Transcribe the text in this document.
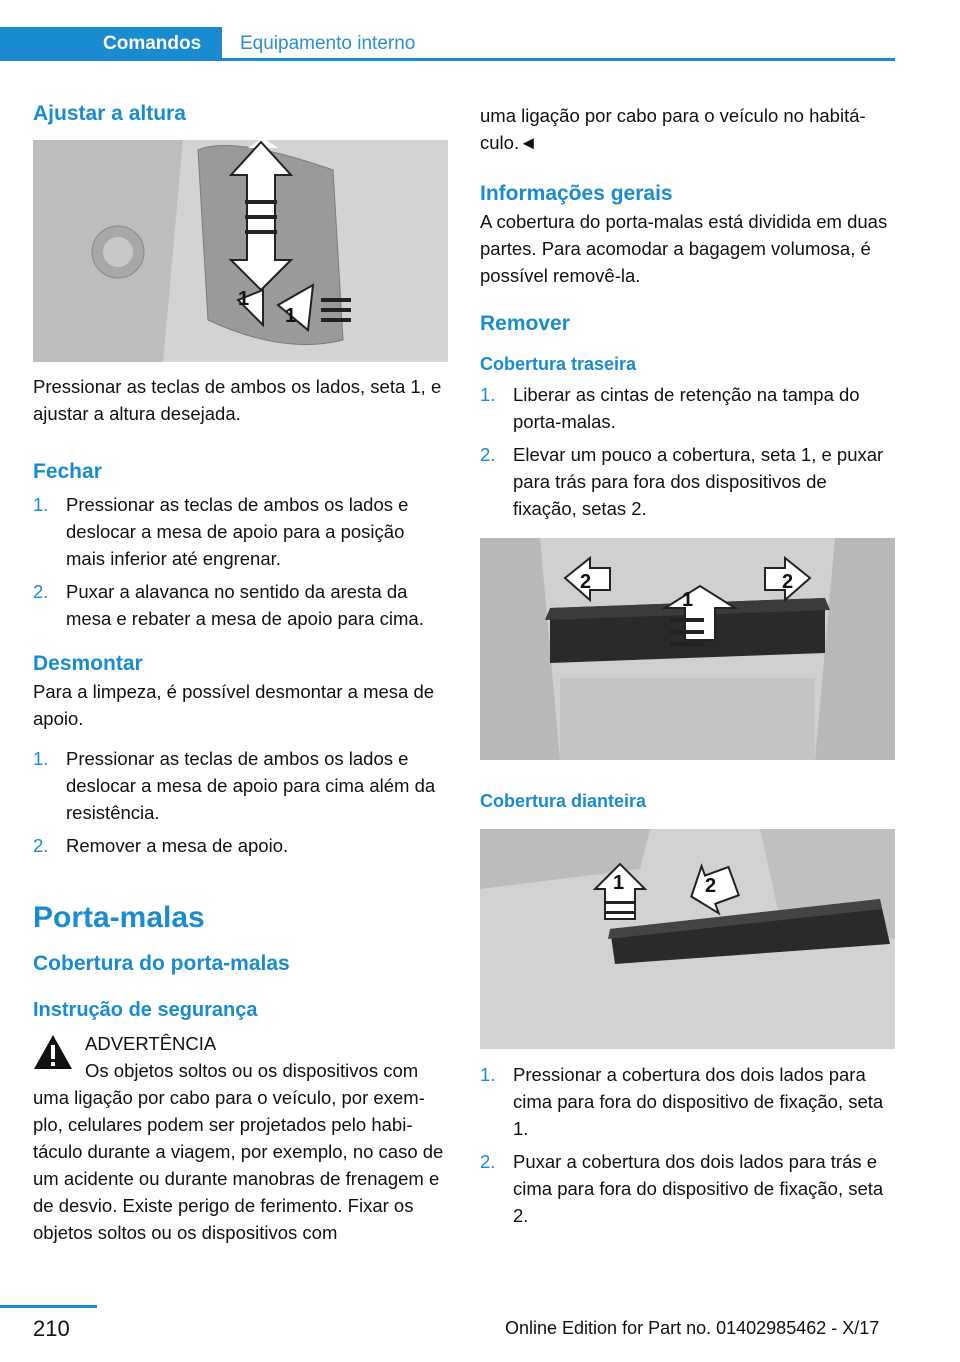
Comandos	Equipamento interno
Ajustar a altura
1
1

Pressionar as teclas de ambos os lados, seta 1, e ajustar a altura desejada.

Fechar
1. Pressionar as teclas de ambos os lados e deslocar a mesa de apoio para a posição mais inferior até engrenar.
2. Puxar a alavanca no sentido da aresta da mesa e rebater a mesa de apoio para cima.
Desmontar

Para a limpeza, é possível desmontar a mesa de apoio.

1. Pressionar as teclas de ambos os lados e deslocar a mesa de apoio para cima além da resistência.
2. Remover a mesa de apoio.
Porta-malas
Cobertura do porta-malas
Instrução de segurança

ADVERTÊNCIA

Os objetos soltos ou os dispositivos com uma ligação por cabo para o veículo, por exemplo, celulares podem ser projetados pelo habitáculo durante a viagem, por exemplo, no caso de um acidente ou durante manobras de frenagem e de desvio. Existe perigo de ferimento. Fixar os objetos soltos ou os dispositivos com

uma ligação por cabo para o veículo no habitáculo.◄

Informações gerais

A cobertura do porta-malas está dividida em duas partes. Para acomodar a bagagem volumosa, é possível removê-la.

Remover
Cobertura traseira
1. Liberar as cintas de retenção na tampa do porta-malas.
2. Elevar um pouco a cobertura, seta 1, e puxar para trás para fora dos dispositivos de fixação, setas 2.
2
1
2
Cobertura dianteira
1	2
1. Pressionar a cobertura dos dois lados para cima para fora do dispositivo de fixação, seta 1.
2. Puxar a cobertura dos dois lados para trás e cima para fora do dispositivo de fixação, seta 2.
210	Online Edition for Part no. 01402985462 - X/17
